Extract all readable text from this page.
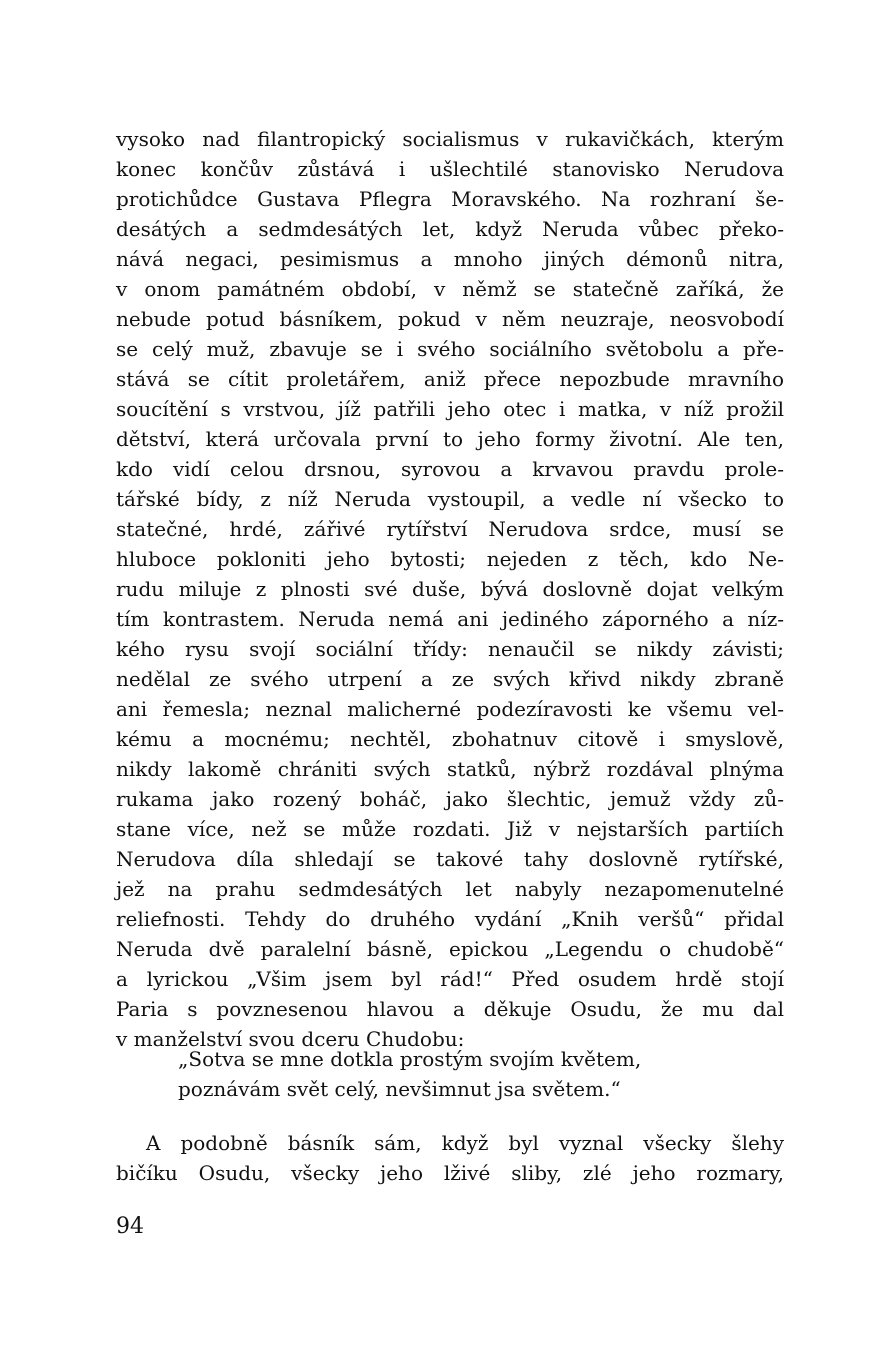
vysoko nad filantropický socialismus v rukavičkách, kterým
konec končův zůstává i ušlechtilé stanovisko Nerudova
protichůdce Gustava Pflegra Moravského. Na rozhraní še-
desátých a sedmdesátých let, když Neruda vůbec překo-
nává negaci, pesimismus a mnoho jiných démonů nitra,
v onom památném období, v němž se statečně zaříká, že
nebude potud básníkem, pokud v něm neuzraje, neosvobodí
se celý muž, zbavuje se i svého sociálního světobolu a pře-
stává se cítit proletářem, aniž přece nepozbude mravního
soucítění s vrstvou, jíž patřili jeho otec i matka, v níž prožil
dětství, která určovala první to jeho formy životní. Ale ten,
kdo vidí celou drsnou, syrovou a krvavou pravdu prole-
tářské bídy, z níž Neruda vystoupil, a vedle ní všecko to
statečné, hrdé, zářivé rytířství Nerudova srdce, musí se
hluboce pokloniti jeho bytosti; nejeden z těch, kdo Ne-
rudu miluje z plnosti své duše, bývá doslovně dojat velkým
tím kontrastem. Neruda nemá ani jediného záporného a níz-
kého rysu svojí sociální třídy: nenaučil se nikdy závisti;
nedělal ze svého utrpení a ze svých křivd nikdy zbraně
ani řemesla; neznal malicherné podezíravosti ke všemu vel-
kému a mocnému; nechtěl, zbohatnuv citově i smyslově,
nikdy lakomě chrániti svých statků, nýbrž rozdával plnýma
rukama jako rozený boháč, jako šlechtic, jemuž vždy zů-
stane více, než se může rozdati. Již v nejstarších partiích
Nerudova díla shledají se takové tahy doslovně rytířské,
jež na prahu sedmdesátých let nabyly nezapomenutelné
reliefnosti. Tehdy do druhého vydání „Knih veršů“ přidal
Neruda dvě paralelní básně, epickou „Legendu o chudobě“
a lyrickou „Všim jsem byl rád!“ Před osudem hrdě stojí
Paria s povznesenou hlavou a děkuje Osudu, že mu dal
v manželství svou dceru Chudobu:
„Sotva se mne dotkla prostým svojím květem,
poznávám svět celý, nevšimnut jsa světem.“
A podobně básník sám, když byl vyznal všecky šlehy
bičíku Osudu, všecky jeho lživé sliby, zlé jeho rozmary,
94
